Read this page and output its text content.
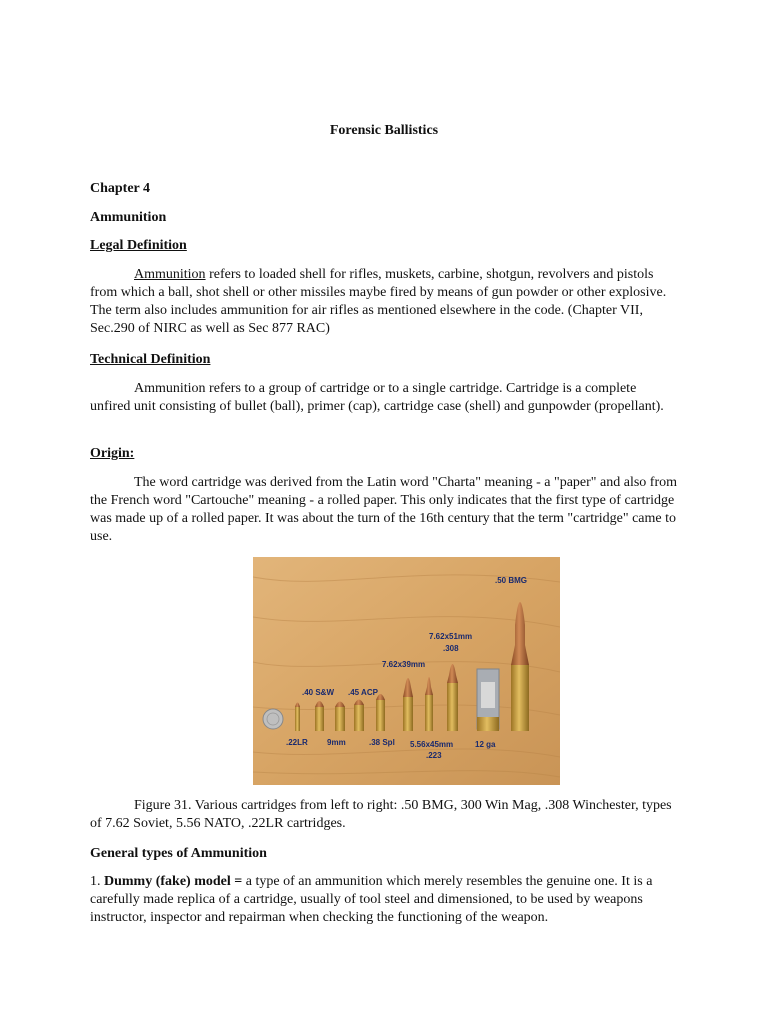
Forensic Ballistics

Chapter 4

Ammunition

Legal Definition

Ammunition refers to loaded shell for rifles, muskets, carbine, shotgun, revolvers and pistols from which a ball, shot shell or other missiles maybe fired by means of gun powder or other explosive. The term also includes ammunition for air rifles as mentioned elsewhere in the code. (Chapter VII, Sec.290 of NIRC as well as Sec 877 RAC)

Technical Definition

Ammunition refers to a group of cartridge or to a single cartridge. Cartridge is a complete unfired unit consisting of bullet (ball), primer (cap), cartridge case (shell) and gunpowder (propellant).

Origin:

The word cartridge was derived from the Latin word "Charta" meaning - a "paper" and also from the French word "Cartouche" meaning - a rolled paper. This only indicates that the first type of cartridge was made up of a rolled paper. It was about the turn of the 16th century that the term "cartridge" came to use.

.50 BMG
7.62x51mm
.308
7.62x39mm
.40 S&W .45 ACP
.22LR 9mm	.38 Spl 5.56x45mm
.223
12 ga

Figure 31. Various cartridges from left to right: .50 BMG, 300 Win Mag, .308 Winchester, types of 7.62 Soviet, 5.56 NATO, .22LR cartridges.

General types of Ammunition

1. Dummy (fake) model = a type of an ammunition which merely resembles the genuine one. It is a carefully made replica of a cartridge, usually of tool steel and dimensioned, to be used by weapons instructor, inspector and repairman when checking the functioning of the weapon.
